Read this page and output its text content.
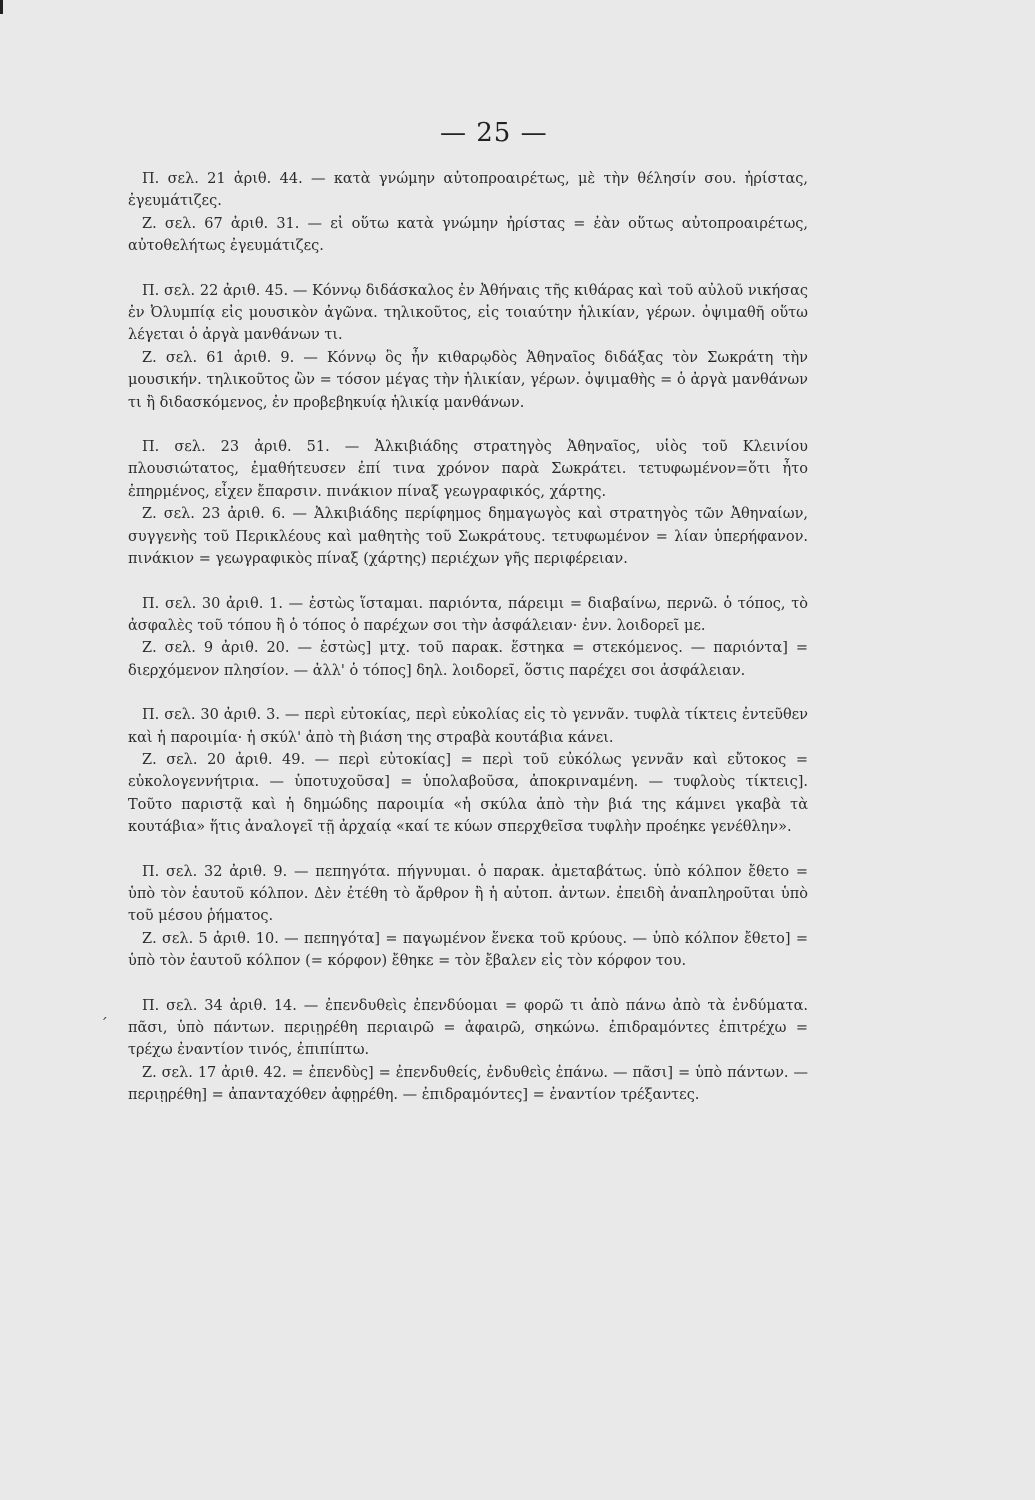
— 25 —
´

Π. σελ. 21 ἀριθ. 44. — κατὰ γνώμην αὐτοπροαιρέτως, μὲ τὴν θέλησίν σου. ἠρίστας, ἐγευμάτιζες.

Ζ. σελ. 67 ἀριθ. 31. — εἰ οὕτω κατὰ γνώμην ἠρίστας = ἐὰν οὕτως αὐτοπροαιρέτως, αὐτοθελήτως ἐγευμάτιζες.

Π. σελ. 22 ἀριθ. 45. — Κόννῳ διδάσκαλος ἐν Ἀθήναις τῆς κιθάρας καὶ τοῦ αὐλοῦ νικήσας ἐν Ὀλυμπίᾳ εἰς μουσικὸν ἀγῶνα. τηλικοῦτος, εἰς τοιαύτην ἡλικίαν, γέρων. ὀψιμαθῆ οὕτω λέγεται ὁ ἀργὰ μανθάνων τι.

Ζ. σελ. 61 ἀριθ. 9. — Κόννῳ ὃς ἦν κιθαρῳδὸς Ἀθηναῖος διδάξας τὸν Σωκράτη τὴν μουσικήν. τηλικοῦτος ὢν = τόσον μέγας τὴν ἡλικίαν, γέρων. ὀψιμαθὴς = ὁ ἀργὰ μανθάνων τι ἢ διδασκόμενος, ἐν προβεβηκυίᾳ ἡλικίᾳ μανθάνων.

Π. σελ. 23 ἀριθ. 51. — Ἀλκιβιάδης στρατηγὸς Ἀθηναῖος, υἱὸς τοῦ Κλεινίου πλουσιώτατος, ἐμαθήτευσεν ἐπί τινα χρόνον παρὰ Σωκράτει. τετυφωμένον=ὅτι ἦτο ἐπηρμένος, εἶχεν ἔπαρσιν. πινάκιον πίναξ γεωγραφικός, χάρτης.

Ζ. σελ. 23 ἀριθ. 6. — Ἀλκιβιάδης περίφημος δημαγωγὸς καὶ στρατηγὸς τῶν Ἀθηναίων, συγγενὴς τοῦ Περικλέους καὶ μαθητὴς τοῦ Σωκράτους. τετυφωμένον = λίαν ὑπερήφανον. πινάκιον = γεωγραφικὸς πίναξ (χάρτης) περιέχων γῆς περιφέρειαν.

Π. σελ. 30 ἀριθ. 1. — ἑστὼς ἵσταμαι. παριόντα, πάρειμι = διαβαίνω, περνῶ. ὁ τόπος, τὸ ἀσφαλὲς τοῦ τόπου ἢ ὁ τόπος ὁ παρέχων σοι τὴν ἀσφάλειαν· ἐνν. λοιδορεῖ με.

Ζ. σελ. 9 ἀριθ. 20. — ἑστὼς] μτχ. τοῦ παρακ. ἕστηκα = στεκόμενος. — παριόντα] = διερχόμενον πλησίον. — ἀλλ' ὁ τόπος] δηλ. λοιδορεῖ, ὅστις παρέχει σοι ἀσφάλειαν.

Π. σελ. 30 ἀριθ. 3. — περὶ εὐτοκίας, περὶ εὐκολίας εἰς τὸ γεννᾶν. τυφλὰ τίκτεις ἐντεῦθεν καὶ ἡ παροιμία· ἡ σκύλ' ἀπὸ τὴ βιάση της στραβὰ κουτάβια κάνει.

Ζ. σελ. 20 ἀριθ. 49. — περὶ εὐτοκίας] = περὶ τοῦ εὐκόλως γεννᾶν καὶ εὔτοκος = εὐκολογεννήτρια. — ὑποτυχοῦσα] = ὑπολαβοῦσα, ἀποκριναμένη. — τυφλοὺς τίκτεις]. Τοῦτο παριστᾷ καὶ ἡ δημώδης παροιμία «ἡ σκύλα ἀπὸ τὴν βιά της κάμνει γκαβὰ τὰ κουτάβια» ἥτις ἀναλογεῖ τῇ ἀρχαίᾳ «καί τε κύων σπερχθεῖσα τυφλὴν προέηκε γενέθλην».

Π. σελ. 32 ἀριθ. 9. — πεπηγότα. πήγνυμαι. ὁ παρακ. ἀμεταβάτως. ὑπὸ κόλπον ἔθετο = ὑπὸ τὸν ἑαυτοῦ κόλπον. Δὲν ἐτέθη τὸ ἄρθρον ἢ ἡ αὐτοπ. ἀντων. ἐπειδὴ ἀναπληροῦται ὑπὸ τοῦ μέσου ῥήματος.

Ζ. σελ. 5 ἀριθ. 10. — πεπηγότα] = παγωμένον ἕνεκα τοῦ κρύους. — ὑπὸ κόλπον ἔθετο] = ὑπὸ τὸν ἑαυτοῦ κόλπον (= κόρφον) ἔθηκε = τὸν ἔβαλεν εἰς τὸν κόρφον του.

Π. σελ. 34 ἀριθ. 14. — ἐπενδυθεὶς ἐπενδύομαι = φορῶ τι ἀπὸ πάνω ἀπὸ τὰ ἐνδύματα. πᾶσι, ὑπὸ πάντων. περιῃρέθη περιαιρῶ = ἀφαιρῶ, σηκώνω. ἐπιδραμόντες ἐπιτρέχω = τρέχω ἐναντίον τινός, ἐπιπίπτω.

Ζ. σελ. 17 ἀριθ. 42. = ἐπενδὺς] = ἐπενδυθείς, ἐνδυθεὶς ἐπάνω. — πᾶσι] = ὑπὸ πάντων. — περιῃρέθη] = ἀπανταχόθεν ἀφῃρέθη. — ἐπιδραμόντες] = ἐναντίον τρέξαντες.
